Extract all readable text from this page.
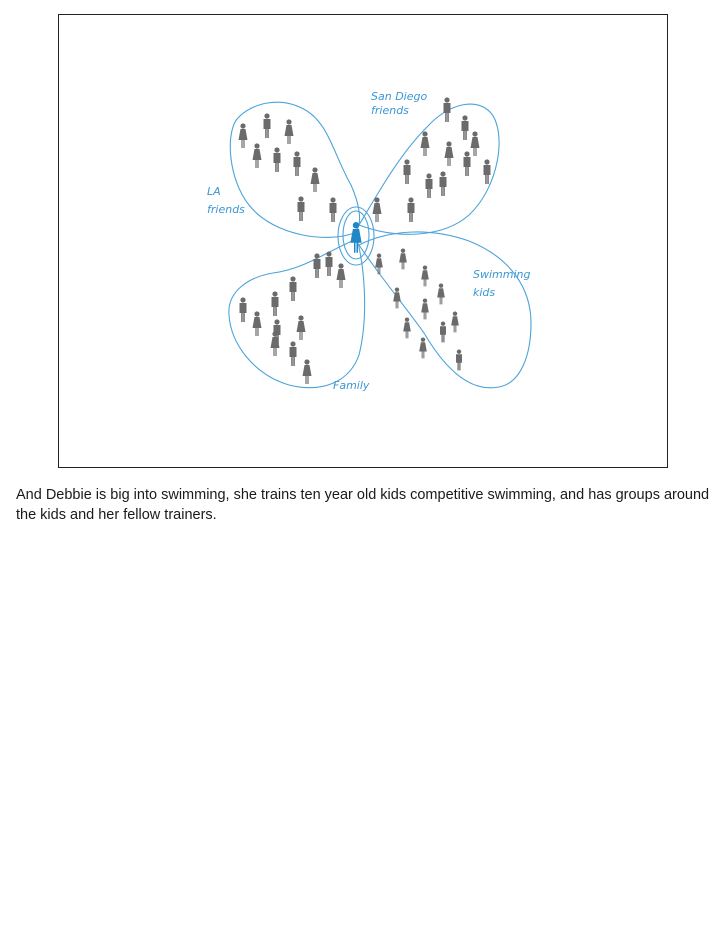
San Diego
friends
LA
friends
Swimming
kids
Family

And Debbie is big into swimming, she trains ten year old kids competitive swimming, and has groups around the kids and her fellow trainers.
